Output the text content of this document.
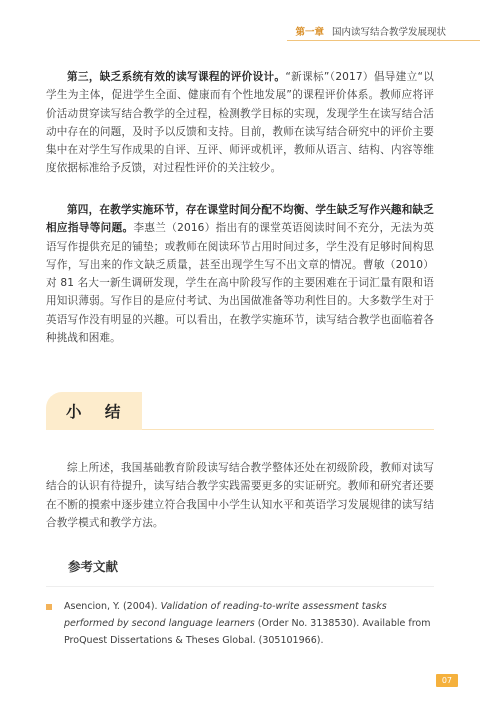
第一章 国内读写结合教学发展现状

第三，缺乏系统有效的读写课程的评价设计。“新课标”（2017）倡导建立“以学生为主体，促进学生全面、健康而有个性地发展”的课程评价体系。教师应将评价活动贯穿读写结合教学的全过程，检测教学目标的实现，发现学生在读写结合活动中存在的问题，及时予以反馈和支持。目前，教师在读写结合研究中的评价主要集中在对学生写作成果的自评、互评、师评或机评，教师从语言、结构、内容等维度依据标准给予反馈，对过程性评价的关注较少。

第四，在教学实施环节，存在课堂时间分配不均衡、学生缺乏写作兴趣和缺乏相应指导等问题。李惠兰（2016）指出有的课堂英语阅读时间不充分，无法为英语写作提供充足的铺垫；或教师在阅读环节占用时间过多，学生没有足够时间构思写作，写出来的作文缺乏质量，甚至出现学生写不出文章的情况。曹敏（2010）对 81 名大一新生调研发现，学生在高中阶段写作的主要困难在于词汇量有限和语用知识薄弱。写作目的是应付考试、为出国做准备等功利性目的。大多数学生对于英语写作没有明显的兴趣。可以看出，在教学实施环节，读写结合教学也面临着各种挑战和困难。

小 结

综上所述，我国基础教育阶段读写结合教学整体还处在初级阶段，教师对读写结合的认识有待提升，读写结合教学实践需要更多的实证研究。教师和研究者还要在不断的摸索中逐步建立符合我国中小学生认知水平和英语学习发展规律的读写结合教学模式和教学方法。

参考文献
Asencion, Y. (2004). Validation of reading-to-write assessment tasks performed by second language learners (Order No. 3138530). Available from ProQuest Dissertations & Theses Global. (305101966).
07
